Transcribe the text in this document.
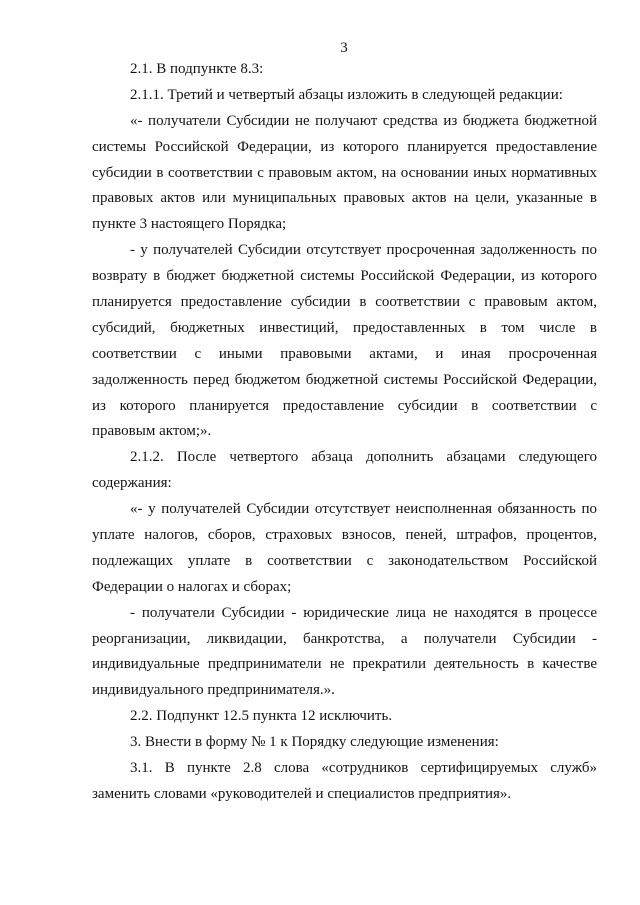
3
2.1. В подпункте 8.3:
2.1.1. Третий и четвертый абзацы изложить в следующей редакции:
«- получатели Субсидии не получают средства из бюджета бюджетной
системы Российской Федерации, из которого планируется предоставление
субсидии в соответствии с правовым актом, на основании иных нормативных
правовых актов или муниципальных правовых актов на цели, указанные в
пункте 3 настоящего Порядка;
- у получателей Субсидии отсутствует просроченная задолженность по
возврату в бюджет бюджетной системы Российской Федерации, из которого
планируется предоставление субсидии в соответствии с правовым актом,
субсидий, бюджетных инвестиций, предоставленных в том числе в
соответствии с иными правовыми актами, и иная просроченная
задолженность перед бюджетом бюджетной системы Российской Федерации,
из которого планируется предоставление субсидии в соответствии с
правовым актом;».
2.1.2. После четвертого абзаца дополнить абзацами следующего
содержания:
«- у получателей Субсидии отсутствует неисполненная обязанность по
уплате налогов, сборов, страховых взносов, пеней, штрафов, процентов,
подлежащих уплате в соответствии с законодательством Российской
Федерации о налогах и сборах;
- получатели Субсидии - юридические лица не находятся в процессе
реорганизации, ликвидации, банкротства, а получатели Субсидии -
индивидуальные предприниматели не прекратили деятельность в качестве
индивидуального предпринимателя.».
2.2. Подпункт 12.5 пункта 12 исключить.
3. Внести в форму № 1 к Порядку следующие изменения:
3.1. В пункте 2.8 слова «сотрудников сертифицируемых служб»
заменить словами «руководителей и специалистов предприятия».
